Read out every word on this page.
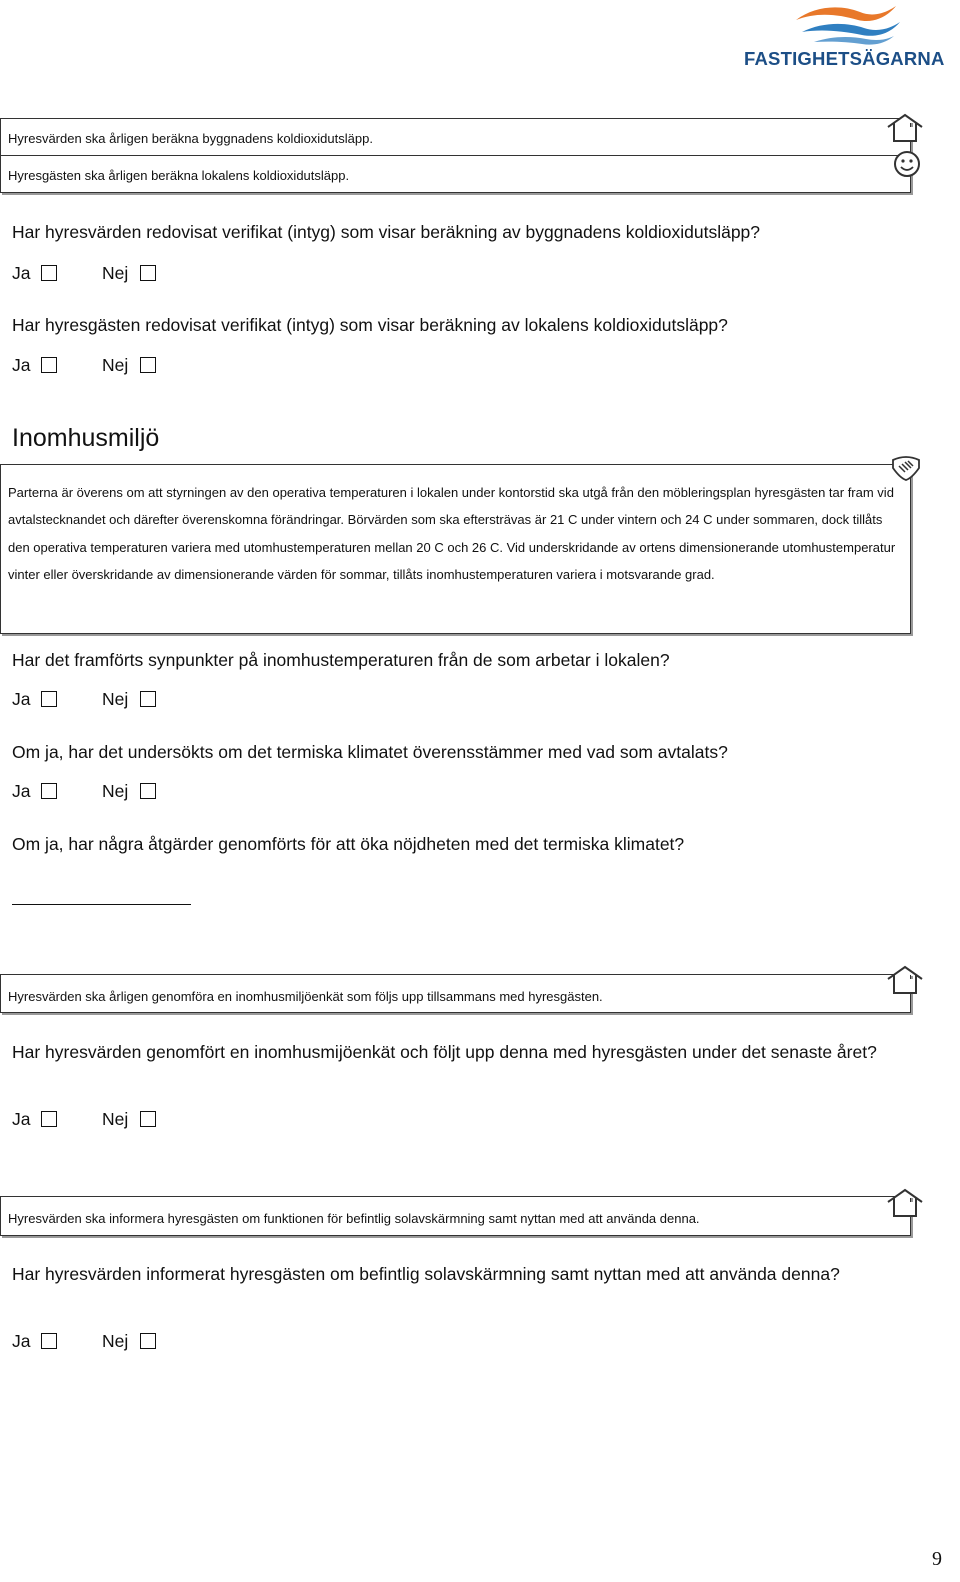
FASTIGHETSÄGARNA
Hyresvärden ska årligen beräkna byggnadens koldioxidutsläpp.
Hyresgästen ska årligen beräkna lokalens koldioxidutsläpp.
Har hyresvärden redovisat verifikat (intyg) som visar beräkning av byggnadens koldioxidutsläpp?
Ja	Nej
Har hyresgästen redovisat verifikat (intyg) som visar beräkning av lokalens koldioxidutsläpp?
Ja	Nej
Inomhusmiljö

Parterna är överens om att styrningen av den operativa temperaturen i lokalen under kontorstid ska utgå från den möbleringsplan hyresgästen tar fram vid avtalstecknandet och därefter överenskomna förändringar. Börvärden som ska eftersträvas är 21 C under vintern och 24 C under sommaren, dock tillåts den operativa temperaturen variera med utomhustemperaturen mellan 20 C och 26 C. Vid underskridande av ortens dimensionerande utomhustemperatur vinter eller överskridande av dimensionerande värden för sommar, tillåts inomhustemperaturen variera i motsvarande grad.

Har det framförts synpunkter på inomhustemperaturen från de som arbetar i lokalen?
Ja	Nej
Om ja, har det undersökts om det termiska klimatet överensstämmer med vad som avtalats?
Ja	Nej
Om ja, har några åtgärder genomförts för att öka nöjdheten med det termiska klimatet?
Hyresvärden ska årligen genomföra en inomhusmiljöenkät som följs upp tillsammans med hyresgästen.
Har hyresvärden genomfört en inomhusmijöenkät och följt upp denna med hyresgästen under det senaste året?
Ja	Nej
Hyresvärden ska informera hyresgästen om funktionen för befintlig solavskärmning samt nyttan med att använda denna.
Har hyresvärden informerat hyresgästen om befintlig solavskärmning samt nyttan med att använda denna?
Ja	Nej
9
